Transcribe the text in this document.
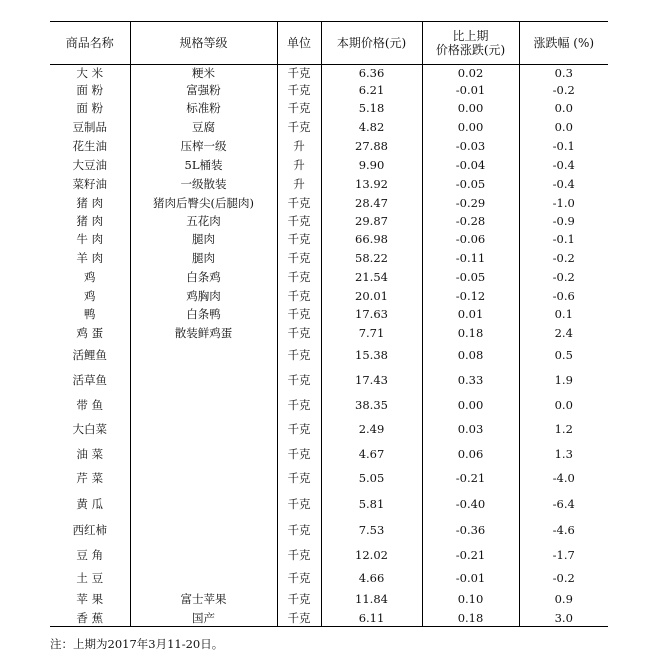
商品名称	规格等级	单位	本期价格(元)	比上期
价格涨跌(元)	涨跌幅 (%)
大 米	粳米	千克	6.36	0.02	0.3
面 粉	富强粉	千克	6.21	-0.01	-0.2
面 粉	标准粉	千克	5.18	0.00	0.0
豆制品	豆腐	千克	4.82	0.00	0.0
花生油	压榨一级	升	27.88	-0.03	-0.1
大豆油	5L桶装	升	9.90	-0.04	-0.4
菜籽油	一级散装	升	13.92	-0.05	-0.4
猪 肉	猪肉后臀尖(后腿肉)	千克	28.47	-0.29	-1.0
猪 肉	五花肉	千克	29.87	-0.28	-0.9
牛 肉	腿肉	千克	66.98	-0.06	-0.1
羊 肉	腿肉	千克	58.22	-0.11	-0.2
鸡	白条鸡	千克	21.54	-0.05	-0.2
鸡	鸡胸肉	千克	20.01	-0.12	-0.6
鸭	白条鸭	千克	17.63	0.01	0.1
鸡 蛋	散装鲜鸡蛋	千克	7.71	0.18	2.4
活鲤鱼		千克	15.38	0.08	0.5
活草鱼		千克	17.43	0.33	1.9
带 鱼		千克	38.35	0.00	0.0
大白菜		千克	2.49	0.03	1.2
油 菜		千克	4.67	0.06	1.3
芹 菜		千克	5.05	-0.21	-4.0
黄 瓜		千克	5.81	-0.40	-6.4
西红柿		千克	7.53	-0.36	-4.6
豆 角		千克	12.02	-0.21	-1.7
土 豆		千克	4.66	-0.01	-0.2
苹 果	富士苹果	千克	11.84	0.10	0.9
香 蕉	国产	千克	6.11	0.18	3.0
注：上期为2017年3月11-20日。
